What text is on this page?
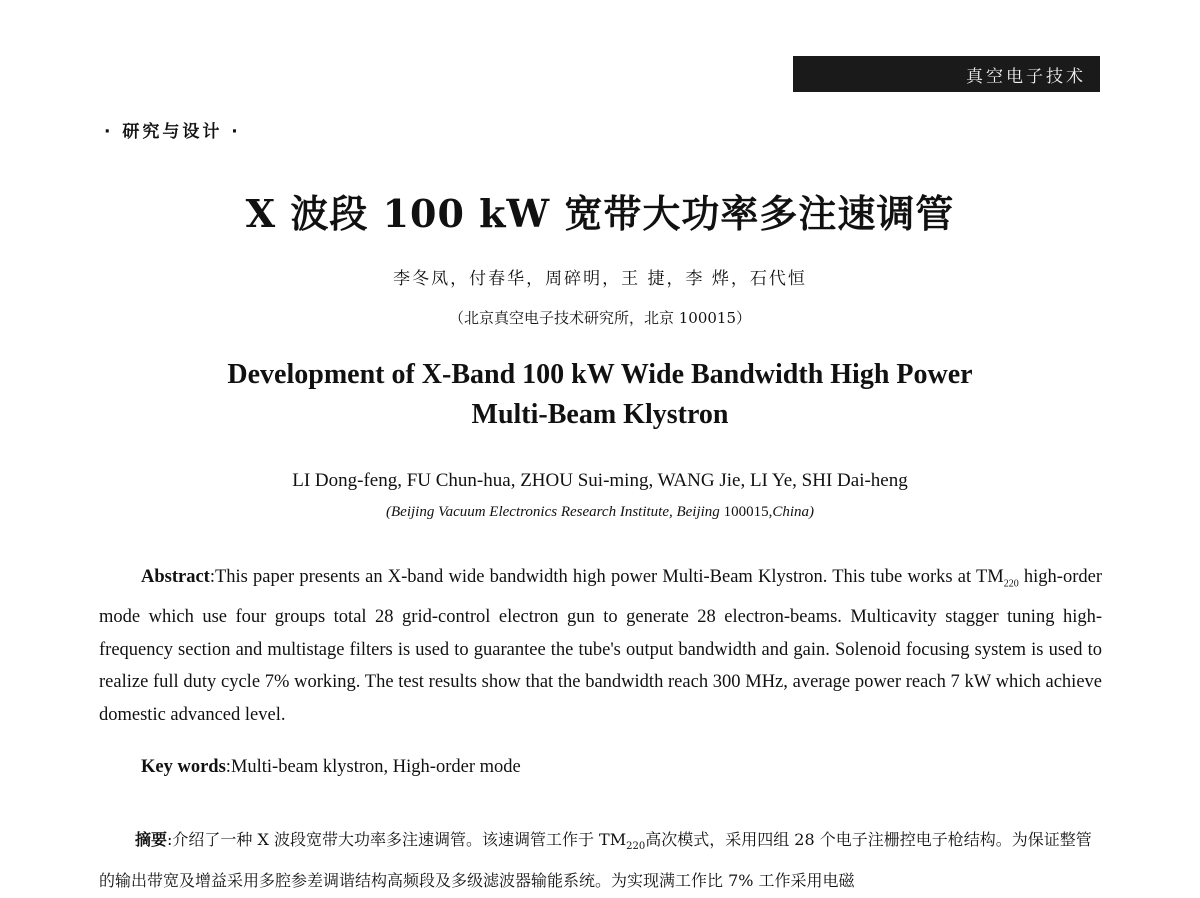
真空电子技术
· 研究与设计 ·
X 波段 100 kW 宽带大功率多注速调管
李冬凤，付春华，周碎明，王 捷，李 烨，石代恒
（北京真空电子技术研究所，北京 100015）
Development of X-Band 100 kW Wide Bandwidth High Power
Multi-Beam Klystron
LI Dong-feng, FU Chun-hua, ZHOU Sui-ming, WANG Jie, LI Ye, SHI Dai-heng
(Beijing Vacuum Electronics Research Institute, Beijing 100015,China)

Abstract:This paper presents an X-band wide bandwidth high power Multi-Beam Klystron. This tube works at $TM_{220}$ high-order mode which use four groups total 28 grid-control electron gun to generate 28 electron-beams. Multicavity stagger tuning high-frequency section and multistage filters is used to guarantee the tube's output bandwidth and gain. Solenoid focusing system is used to realize full duty cycle 7% working. The test results show that the bandwidth reach 300 MHz, average power reach 7 kW which achieve domestic advanced level.

Key words:Multi-beam klystron, High-order mode

摘要:介绍了一种 X 波段宽带大功率多注速调管。该速调管工作于 $TM_{220}$高次模式，采用四组 28 个电子注栅控电子枪结构。为保证整管的输出带宽及增益采用多腔参差调谐结构高频段及多级滤波器输能系统。为实现满工作比 7% 工作采用电磁
